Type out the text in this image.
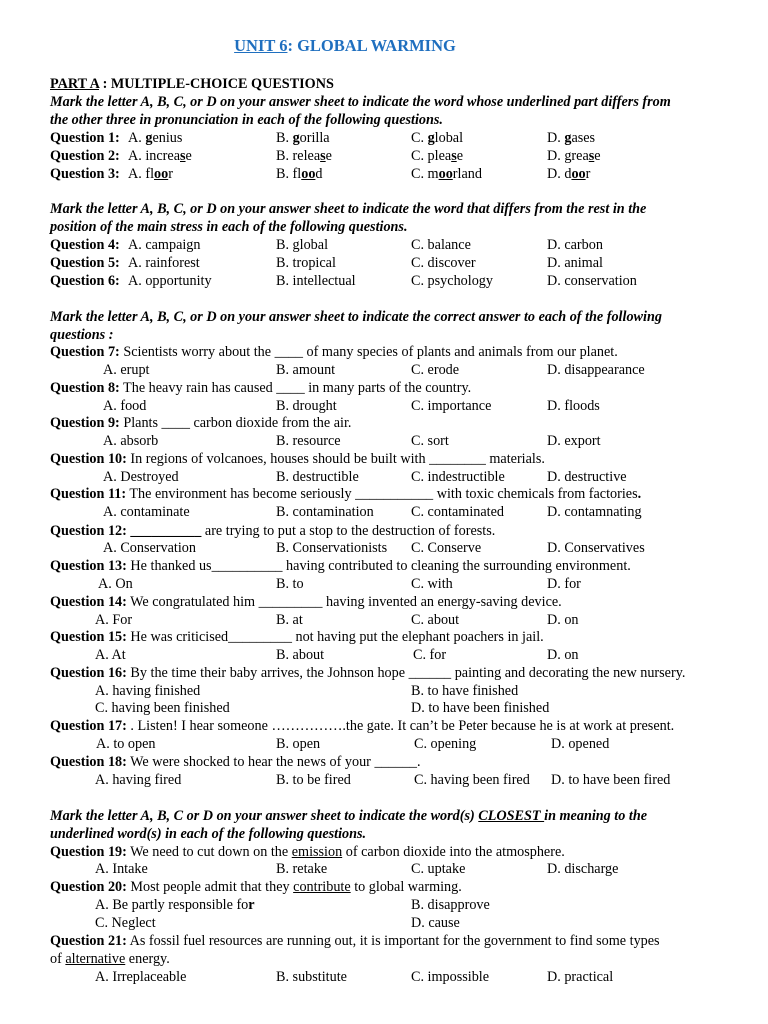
UNIT 6: GLOBAL WARMING
PART A : MULTIPLE-CHOICE QUESTIONS
Mark the letter A, B, C, or D on your answer sheet to indicate the word whose underlined part differs from
the other three in pronunciation in each of the following questions.
Question 1: A. genius	B. gorilla	C. global	D. gases
Question 2: A. increase	B. release	C. please	D. grease
Question 3: A. floor	B. flood	C. moorland	D. door
Mark the letter A, B, C, or D on your answer sheet to indicate the word that differs from the rest in the
position of the main stress in each of the following questions.
Question 4: A. campaign	B. global	C. balance	D. carbon
Question 5: A. rainforest	B. tropical	C. discover	D. animal
Question 6: A. opportunity	B. intellectual	C. psychology	D. conservation
Mark the letter A, B, C, or D on your answer sheet to indicate the correct answer to each of the following
questions :
Question 7: Scientists worry about the ____ of many species of plants and animals from our planet.
A. erupt	B. amount	C. erode	D. disappearance
Question 8: The heavy rain has caused ____ in many parts of the country.
A. food	B. drought	C. importance	D. floods
Question 9: Plants ____ carbon dioxide from the air.
A. absorb	B. resource	C. sort	D. export
Question 10: In regions of volcanoes, houses should be built with ________ materials.
A. Destroyed	B. destructible	C. indestructible	D. destructive
Question 11: The environment has become seriously ___________ with toxic chemicals from factories.
A. contaminate	B. contamination	C. contaminated	D. contamnating
Question 12: __________ are trying to put a stop to the destruction of forests.
A. Conservation	B. Conservationists C. Conserve	D. Conservatives
Question 13: He thanked us__________ having contributed to cleaning the surrounding environment.
A. On	B. to	C. with	D. for
Question 14: We congratulated him _________ having invented an energy-saving device.
A. For	B. at	C. about	D. on
Question 15: He was criticised_________ not having put the elephant poachers in jail.
A. At	B. about	C. for	D. on
Question 16: By the time their baby arrives, the Johnson hope ______ painting and decorating the new nursery.
A. having finished	B. to have finished
C. having been finished	D. to have been finished
Question 17: . Listen! I hear someone …………….the gate. It can’t be Peter because he is at work at present.
A. to open	B. open	C. opening	D. opened
Question 18: We were shocked to hear the news of your ______.
A. having fired	B. to be fired	C. having been fired D. to have been fired
Mark the letter A, B, C or D on your answer sheet to indicate the word(s) CLOSEST in meaning to the
underlined word(s) in each of the following questions.
Question 19: We need to cut down on the emission of carbon dioxide into the atmosphere.
A. Intake	B. retake	C. uptake	D. discharge
Question 20: Most people admit that they contribute to global warming.
A. Be partly responsible for	B. disapprove
C. Neglect	D. cause
Question 21: As fossil fuel resources are running out, it is important for the government to find some types
of alternative energy.
A. Irreplaceable	B. substitute	C. impossible	D. practical
